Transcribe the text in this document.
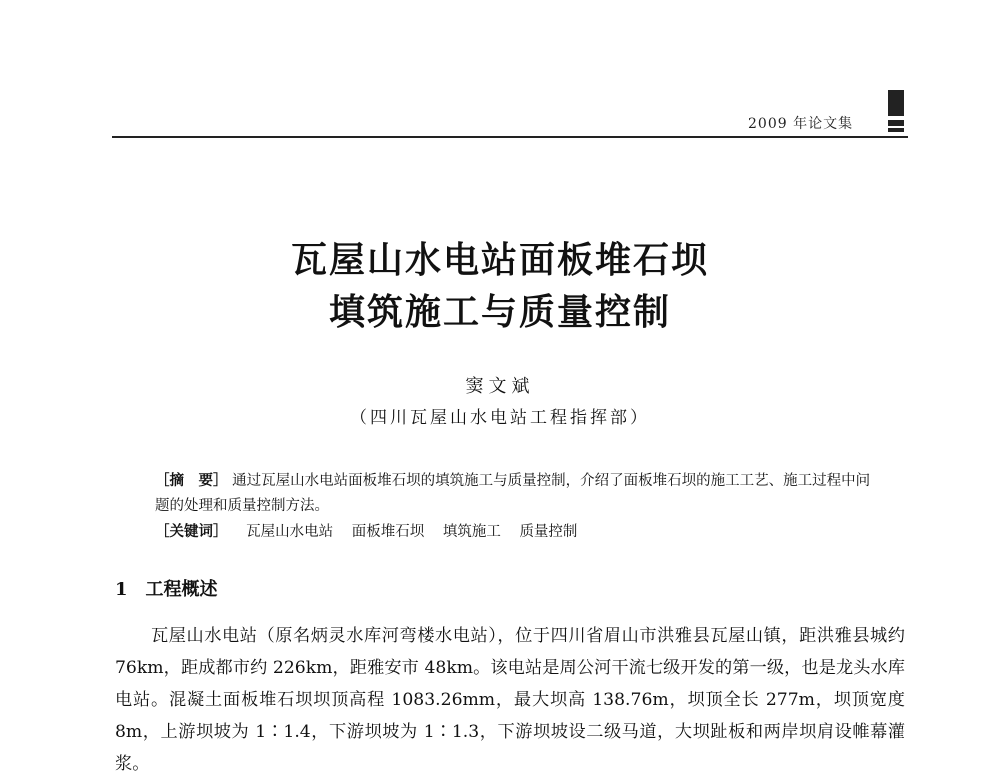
2009 年论文集
瓦屋山水电站面板堆石坝
填筑施工与质量控制
窦文斌
（四川瓦屋山水电站工程指挥部）

［摘　要］ 通过瓦屋山水电站面板堆石坝的填筑施工与质量控制，介绍了面板堆石坝的施工工艺、施工过程中问题的处理和质量控制方法。

［关键词］ 瓦屋山水电站 面板堆石坝 填筑施工 质量控制

1 工程概述

瓦屋山水电站（原名炳灵水库河弯楼水电站），位于四川省眉山市洪雅县瓦屋山镇，距洪雅县城约 76km，距成都市约 226km，距雅安市 48km。该电站是周公河干流七级开发的第一级，也是龙头水库电站。混凝土面板堆石坝坝顶高程 1083.26mm，最大坝高 138.76m，坝顶全长 277m，坝顶宽度 8m，上游坝坡为 1∶1.4，下游坝坡为 1∶1.3，下游坝坡设二级马道，大坝趾板和两岸坝肩设帷幕灌浆。
